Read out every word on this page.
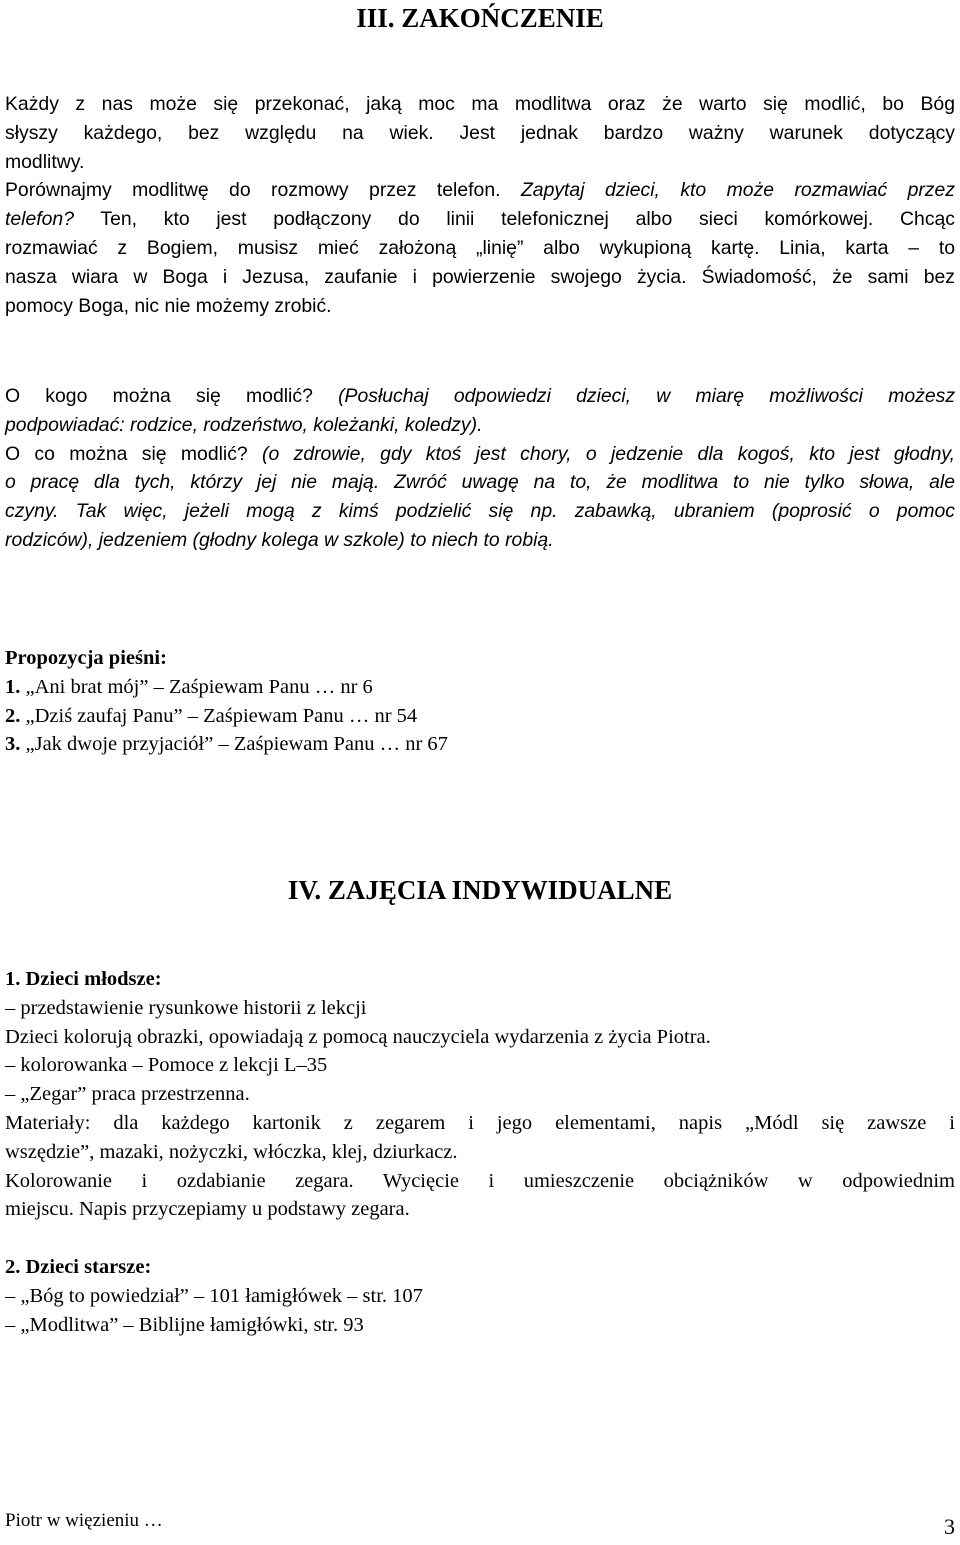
III. ZAKOŃCZENIE
Każdy z nas może się przekonać, jaką moc ma modlitwa oraz że warto się modlić, bo Bóg
słyszy każdego, bez względu na wiek. Jest jednak bardzo ważny warunek dotyczący
modlitwy.
Porównajmy modlitwę do rozmowy przez telefon. Zapytaj dzieci, kto może rozmawiać przez
telefon? Ten, kto jest podłączony do linii telefonicznej albo sieci komórkowej. Chcąc
rozmawiać z Bogiem, musisz mieć założoną „linię” albo wykupioną kartę. Linia, karta – to
nasza wiara w Boga i Jezusa, zaufanie i powierzenie swojego życia. Świadomość, że sami bez
pomocy Boga, nic nie możemy zrobić.
O kogo można się modlić? (Posłuchaj odpowiedzi dzieci, w miarę możliwości możesz
podpowiadać: rodzice, rodzeństwo, koleżanki, koledzy).
O co można się modlić? (o zdrowie, gdy ktoś jest chory, o jedzenie dla kogoś, kto jest głodny,
o pracę dla tych, którzy jej nie mają. Zwróć uwagę na to, że modlitwa to nie tylko słowa, ale
czyny. Tak więc, jeżeli mogą z kimś podzielić się np. zabawką, ubraniem (poprosić o pomoc
rodziców), jedzeniem (głodny kolega w szkole) to niech to robią.
Propozycja pieśni:
1. „Ani brat mój” – Zaśpiewam Panu … nr 6
2. „Dziś zaufaj Panu” – Zaśpiewam Panu … nr 54
3. „Jak dwoje przyjaciół” – Zaśpiewam Panu … nr 67
IV. ZAJĘCIA INDYWIDUALNE
1. Dzieci młodsze:
– przedstawienie rysunkowe historii z lekcji
Dzieci kolorują obrazki, opowiadają z pomocą nauczyciela wydarzenia z życia Piotra.
– kolorowanka – Pomoce z lekcji L–35
– „Zegar” praca przestrzenna.
Materiały: dla każdego kartonik z zegarem i jego elementami, napis „Módl się zawsze i
wszędzie”, mazaki, nożyczki, włóczka, klej, dziurkacz.
Kolorowanie i ozdabianie zegara. Wycięcie i umieszczenie obciążników w odpowiednim
miejscu. Napis przyczepiamy u podstawy zegara.
2. Dzieci starsze:
– „Bóg to powiedział” – 101 łamigłówek – str. 107
– „Modlitwa” – Biblijne łamigłówki, str. 93
Piotr w więzieniu …	3
